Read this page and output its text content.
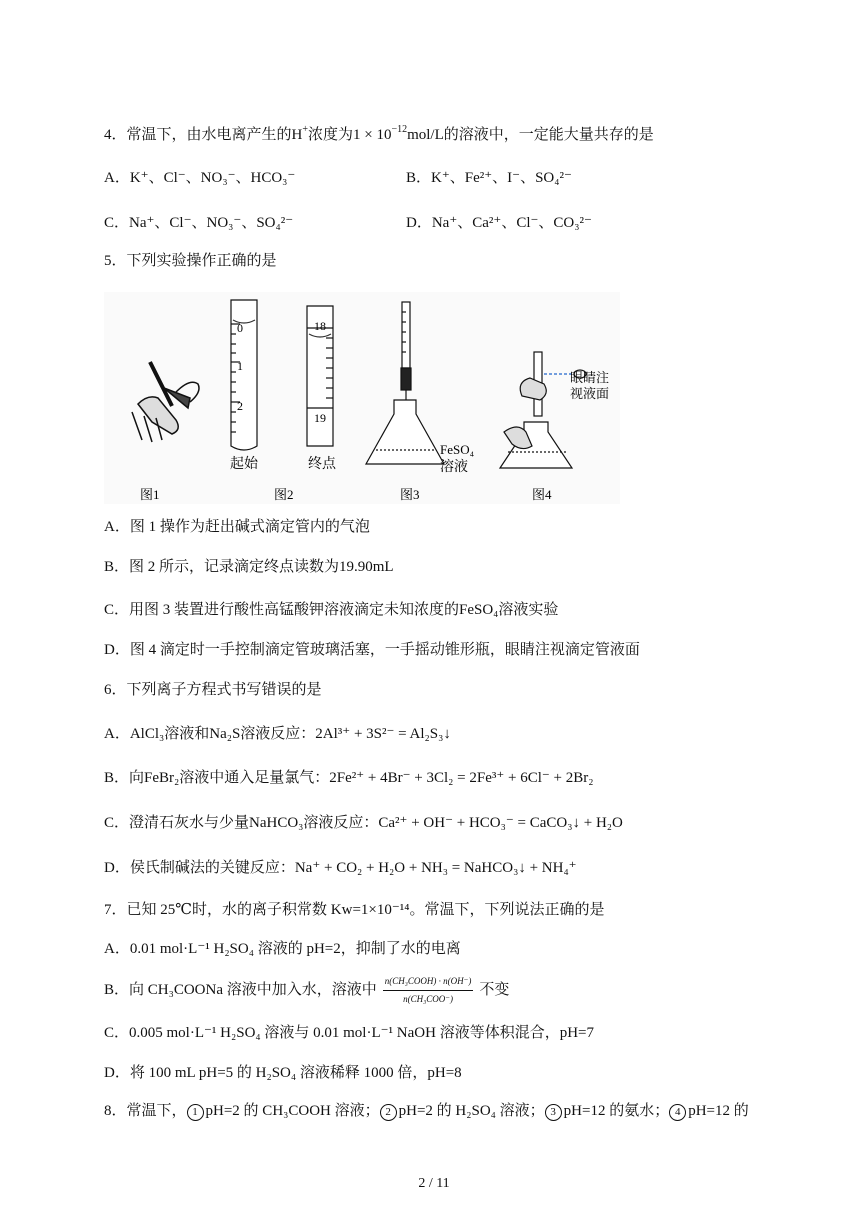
4．常温下，由水电离产生的H+浓度为$1 \times 10^{-12}mol/L$的溶液中，一定能大量共存的是
A．K⁺、Cl⁻、NO₃⁻、HCO₃⁻	B．K⁺、Fe²⁺、I⁻、SO₄²⁻
C．Na⁺、Cl⁻、NO₃⁻、SO₄²⁻	D．Na⁺、Ca²⁺、Cl⁻、CO₃²⁻
5．下列实验操作正确的是
0
1
2
18
19
起始	终点
FeSO₄
溶液
眼睛注
视液面
图1	图2	图3	图4
A．图 1 操作为赶出碱式滴定管内的气泡
B．图 2 所示，记录滴定终点读数为19.90mL
C．用图 3 装置进行酸性高锰酸钾溶液滴定未知浓度的FeSO₄溶液实验
D．图 4 滴定时一手控制滴定管玻璃活塞，一手摇动锥形瓶，眼睛注视滴定管液面
6．下列离子方程式书写错误的是
A．AlCl₃溶液和Na₂S溶液反应：2Al³⁺ + 3S²⁻ = Al₂S₃↓
B．向FeBr₂溶液中通入足量氯气：2Fe²⁺ + 4Br⁻ + 3Cl₂ = 2Fe³⁺ + 6Cl⁻ + 2Br₂
C．澄清石灰水与少量NaHCO₃溶液反应：Ca²⁺ + OH⁻ + HCO₃⁻ = CaCO₃↓ + H₂O
D．侯氏制碱法的关键反应：Na⁺ + CO₂ + H₂O + NH₃ = NaHCO₃↓ + NH₄⁺
7．已知 25℃时，水的离子积常数 Kw=1×10⁻¹⁴。常温下，下列说法正确的是
A．0.01 mol·L⁻¹ H₂SO₄ 溶液的 pH=2，抑制了水的电离
B．向 CH₃COONa 溶液中加入水，溶液中 $\frac{\text{n(CH₃COOH) · n(OH⁻)}}{\text{n(CH₃COO⁻)}}$ 不变
C．0.005 mol·L⁻¹ H₂SO₄ 溶液与 0.01 mol·L⁻¹ NaOH 溶液等体积混合，pH=7
D．将 100 mL pH=5 的 H₂SO₄ 溶液稀释 1000 倍，pH=8
8．常温下， 1 pH=2 的 CH₃COOH 溶液； 2 pH=2 的 H₂SO₄ 溶液； 3 pH=12 的氨水； 4 pH=12 的
2 / 11
